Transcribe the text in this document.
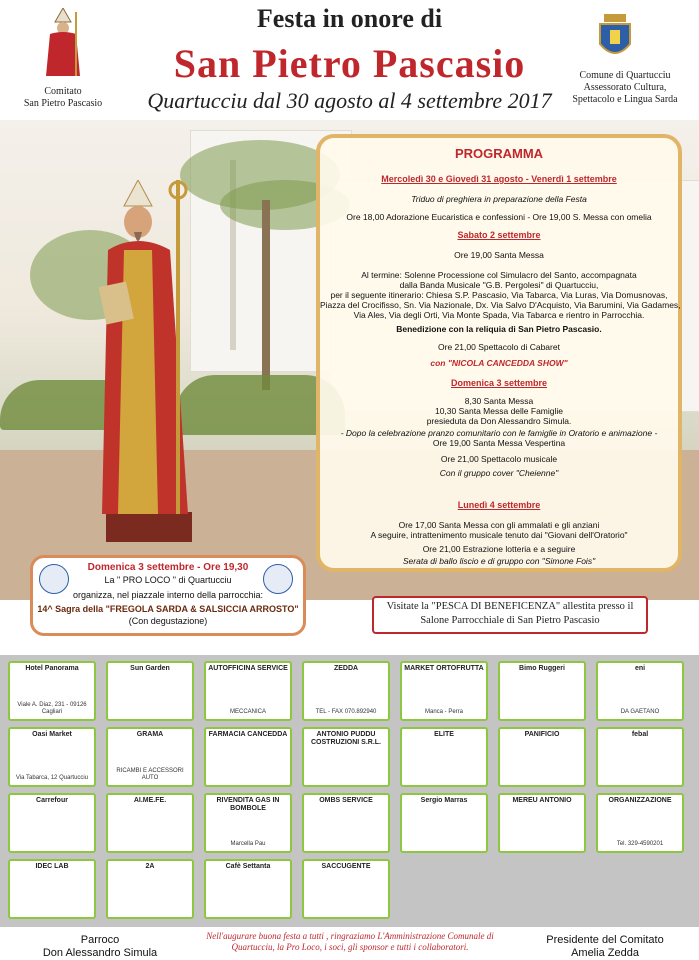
Festa in onore di
San Pietro Pascasio
Quartucciu dal 30 agosto al 4 settembre 2017
Comitato
San Pietro Pascasio
Comune di Quartucciu
Assessorato Cultura,
Spettacolo e Lingua Sarda
PROGRAMMA
Mercoledì 30 e Giovedì 31 agosto - Venerdì 1 settembre
Triduo di preghiera in preparazione della Festa
Ore 18,00 Adorazione Eucaristica e confessioni - Ore 19,00 S. Messa con omelia
Sabato 2 settembre
Ore 19,00 Santa Messa
Al termine: Solenne Processione col Simulacro del Santo, accompagnata
dalla Banda Musicale "G.B. Pergolesi" di Quartucciu,
per il seguente itinerario: Chiesa S.P. Pascasio, Via Tabarca, Via Luras, Via Domusnovas,
Piazza del Crocifisso, Sn. Via Nazionale, Dx. Via Salvo D'Acquisto, Via Barumini, Via Gadames,
Via Ales, Via degli Orti, Via Monte Spada, Via Tabarca e rientro in Parrocchia.
Benedizione con la reliquia di San Pietro Pascasio.
Ore 21,00 Spettacolo di Cabaret
con "NICOLA CANCEDDA SHOW"
Domenica 3 settembre
8,30 Santa Messa
10,30 Santa Messa delle Famiglie
presieduta da Don Alessandro Simula.
- Dopo la celebrazione pranzo comunitario con le famiglie in Oratorio e animazione -
Ore 19,00 Santa Messa Vespertina
Ore 21,00 Spettacolo musicale
Con il gruppo cover "Cheienne"
Lunedì 4 settembre
Ore 17,00 Santa Messa con gli ammalati e gli anziani
A seguire, intrattenimento musicale tenuto dai "Giovani dell'Oratorio"
Ore 21,00 Estrazione lotteria e a seguire
Serata di ballo liscio e di gruppo con "Simone Fois"
Domenica 3 settembre - Ore 19,30
La " PRO LOCO " di Quartucciu
organizza, nel piazzale interno della parrocchia:
14^ Sagra della "FREGOLA SARDA & SALSICCIA ARROSTO"
(Con degustazione)
Visitate la "PESCA DI BENEFICENZA" allestita presso il
Salone Parrocchiale di San Pietro Pascasio
Hotel Panorama
Viale A. Diaz, 231 - 09126 Cagliari
Sun Garden	AUTOFFICINA SERVICE
MECCANICA
ZEDDA
TEL - FAX 070.892940
MARKET ORTOFRUTTA
Manca - Perra
Bimo Ruggeri	eni
DA GAETANO
Oasi Market
Via Tabarca, 12 Quartucciu
GRAMA
RICAMBI E ACCESSORI AUTO
FARMACIA CANCEDDA	ANTONIO PUDDU COSTRUZIONI S.R.L.
ELITE	PANIFICIO	febal
Carrefour	AI.ME.FE.	RIVENDITA GAS IN BOMBOLE
Marcella Pau
OMBS SERVICE	Sergio Marras	MEREU ANTONIO	ORGANIZZAZIONE
Tel. 329-4590201
IDEC LAB	2A	Cafè Settanta	SACCUGENTE
Parroco
Don Alessandro Simula
Nell'augurare buona festa a tutti , ringraziamo L'Amministrazione Comunale di Quartucciu, la Pro Loco, i soci, gli sponsor e tutti i collaboratori.
Presidente del Comitato
Amelia Zedda
